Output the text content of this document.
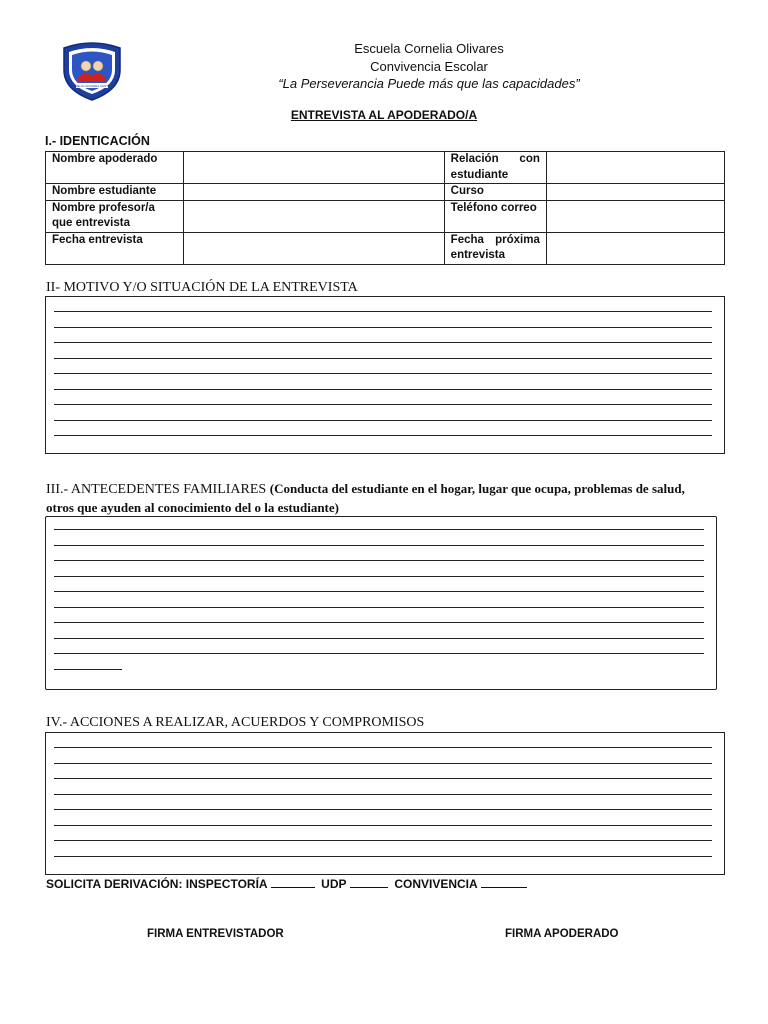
CORNELIA OLIVARES SANTIAGO
Escuela Cornelia Olivares
Convivencia Escolar
“La Perseverancia Puede más que las capacidades”
ENTREVISTA AL APODERADO/A
I.- IDENTICACIÓN
Nombre apoderado		Relación con estudiante	
Nombre estudiante		Curso	
Nombre profesor/a que entrevista		Teléfono correo	
Fecha entrevista		Fecha próxima entrevista	
II- MOTIVO Y/O SITUACIÓN DE LA ENTREVISTA
III.- ANTECEDENTES FAMILIARES (Conducta del estudiante en el hogar, lugar que ocupa, problemas de salud, otros que ayuden al conocimiento del o la estudiante)
IV.- ACCIONES A REALIZAR, ACUERDOS Y COMPROMISOS
SOLICITA DERIVACIÓN: INSPECTORÍA	UDP	CONVIVENCIA
FIRMA ENTREVISTADOR	FIRMA APODERADO
